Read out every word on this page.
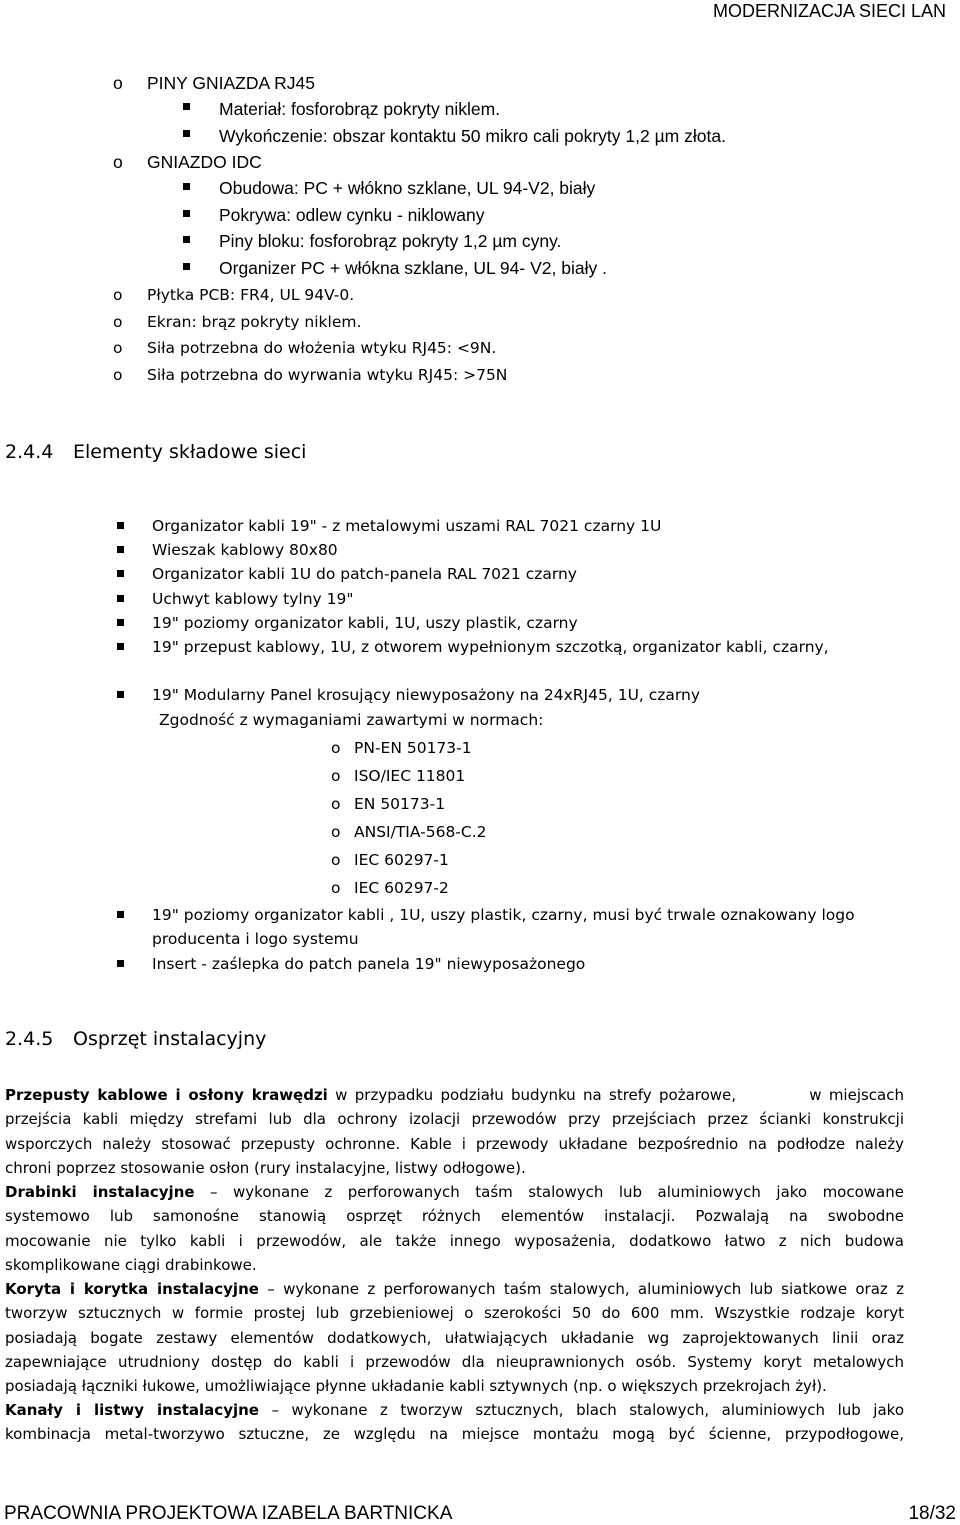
MODERNIZACJA SIECI LAN
o PINY GNIAZDA RJ45
Materiał: fosforobrąz pokryty niklem.
Wykończenie: obszar kontaktu 50 mikro cali pokryty 1,2 µm złota.
o GNIAZDO IDC
Obudowa: PC + włókno szklane, UL 94-V2, biały
Pokrywa: odlew cynku - niklowany
Piny bloku: fosforobrąz pokryty 1,2 µm cyny.
Organizer PC + włókna szklane, UL 94- V2, biały .
o Płytka PCB: FR4, UL 94V-0.
o Ekran: brąz pokryty niklem.
o Siła potrzebna do włożenia wtyku RJ45: <9N.
o Siła potrzebna do wyrwania wtyku RJ45: >75N
2.4.4 Elementy składowe sieci
Organizator kabli 19" - z metalowymi uszami RAL 7021 czarny 1U
Wieszak kablowy 80x80
Organizator kabli 1U do patch-panela RAL 7021 czarny
Uchwyt kablowy tylny 19"
19" poziomy organizator kabli, 1U, uszy plastik, czarny
19" przepust kablowy, 1U, z otworem wypełnionym szczotką, organizator kabli, czarny,
19" Modularny Panel krosujący niewyposażony na 24xRJ45, 1U, czarny
Zgodność z wymaganiami zawartymi w normach:
o PN-EN 50173-1
o ISO/IEC 11801
o EN 50173-1
o ANSI/TIA-568-C.2
o IEC 60297-1
o IEC 60297-2
19" poziomy organizator kabli , 1U, uszy plastik, czarny, musi być trwale oznakowany logo
producenta i logo systemu
Insert - zaślepka do patch panela 19" niewyposażonego
2.4.5 Osprzęt instalacyjny
Przepusty kablowe i osłony krawędzi w przypadku podziału budynku na strefy pożarowe,          w miejscach
przejścia kabli między strefami lub dla ochrony izolacji przewodów przy przejściach przez ścianki konstrukcji
wsporczych należy stosować przepusty ochronne. Kable i przewody układane bezpośrednio na podłodze należy
chroni poprzez stosowanie osłon (rury instalacyjne, listwy odłogowe).
Drabinki instalacyjne – wykonane z perforowanych taśm stalowych lub aluminiowych jako mocowane
systemowo lub samonośne stanowią osprzęt różnych elementów instalacji. Pozwalają na swobodne
mocowanie nie tylko kabli i przewodów, ale także innego wyposażenia, dodatkowo łatwo z nich budowa
skomplikowane ciągi drabinkowe.
Koryta i korytka instalacyjne – wykonane z perforowanych taśm stalowych, aluminiowych lub siatkowe oraz z
tworzyw sztucznych w formie prostej lub grzebieniowej o szerokości 50 do 600 mm. Wszystkie rodzaje koryt
posiadają bogate zestawy elementów dodatkowych, ułatwiających układanie wg zaprojektowanych linii oraz
zapewniające utrudniony dostęp do kabli i przewodów dla nieuprawnionych osób. Systemy koryt metalowych
posiadają łączniki łukowe, umożliwiające płynne układanie kabli sztywnych (np. o większych przekrojach żył).
Kanały i listwy instalacyjne – wykonane z tworzyw sztucznych, blach stalowych, aluminiowych lub jako
kombinacja metal-tworzywo sztuczne, ze względu na miejsce montażu mogą być ścienne, przypodłogowe,
PRACOWNIA PROJEKTOWA IZABELA BARTNICKA	18/32
